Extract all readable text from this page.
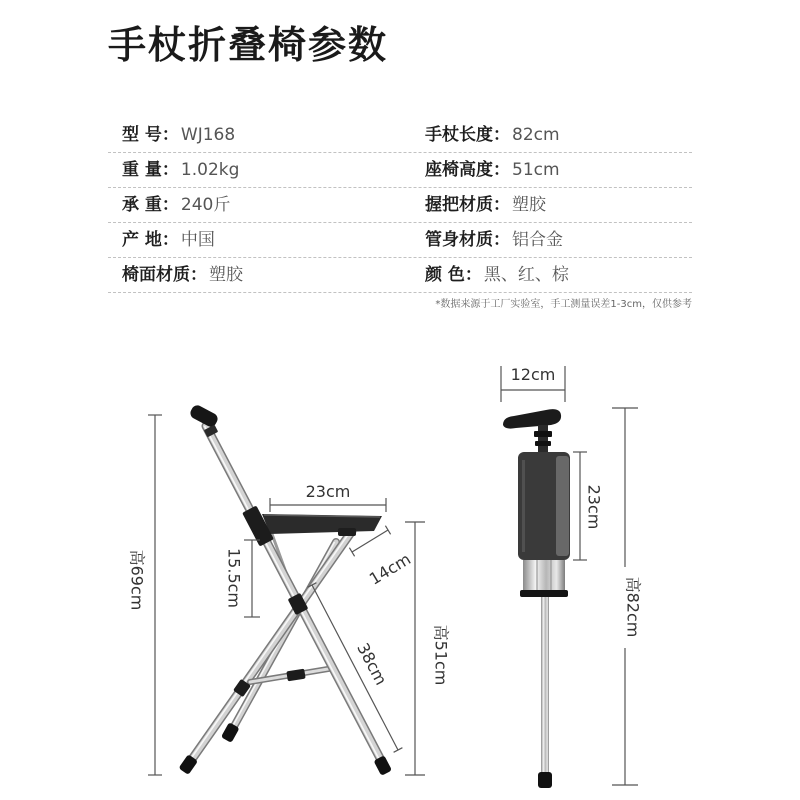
手杖折叠椅参数
型 号： WJ168	手杖长度： 82cm
重 量： 1.02kg	座椅高度： 51cm
承 重： 240斤	握把材质： 塑胶
产 地： 中国	管身材质： 铝合金
椅面材质： 塑胶	颜 色： 黑、红、棕
*数据来源于工厂实验室，手工测量误差1-3cm，仅供参考
高69cm
23cm
15.5cm	14cm
高51cm
38cm
12cm
23cm
高82cm
